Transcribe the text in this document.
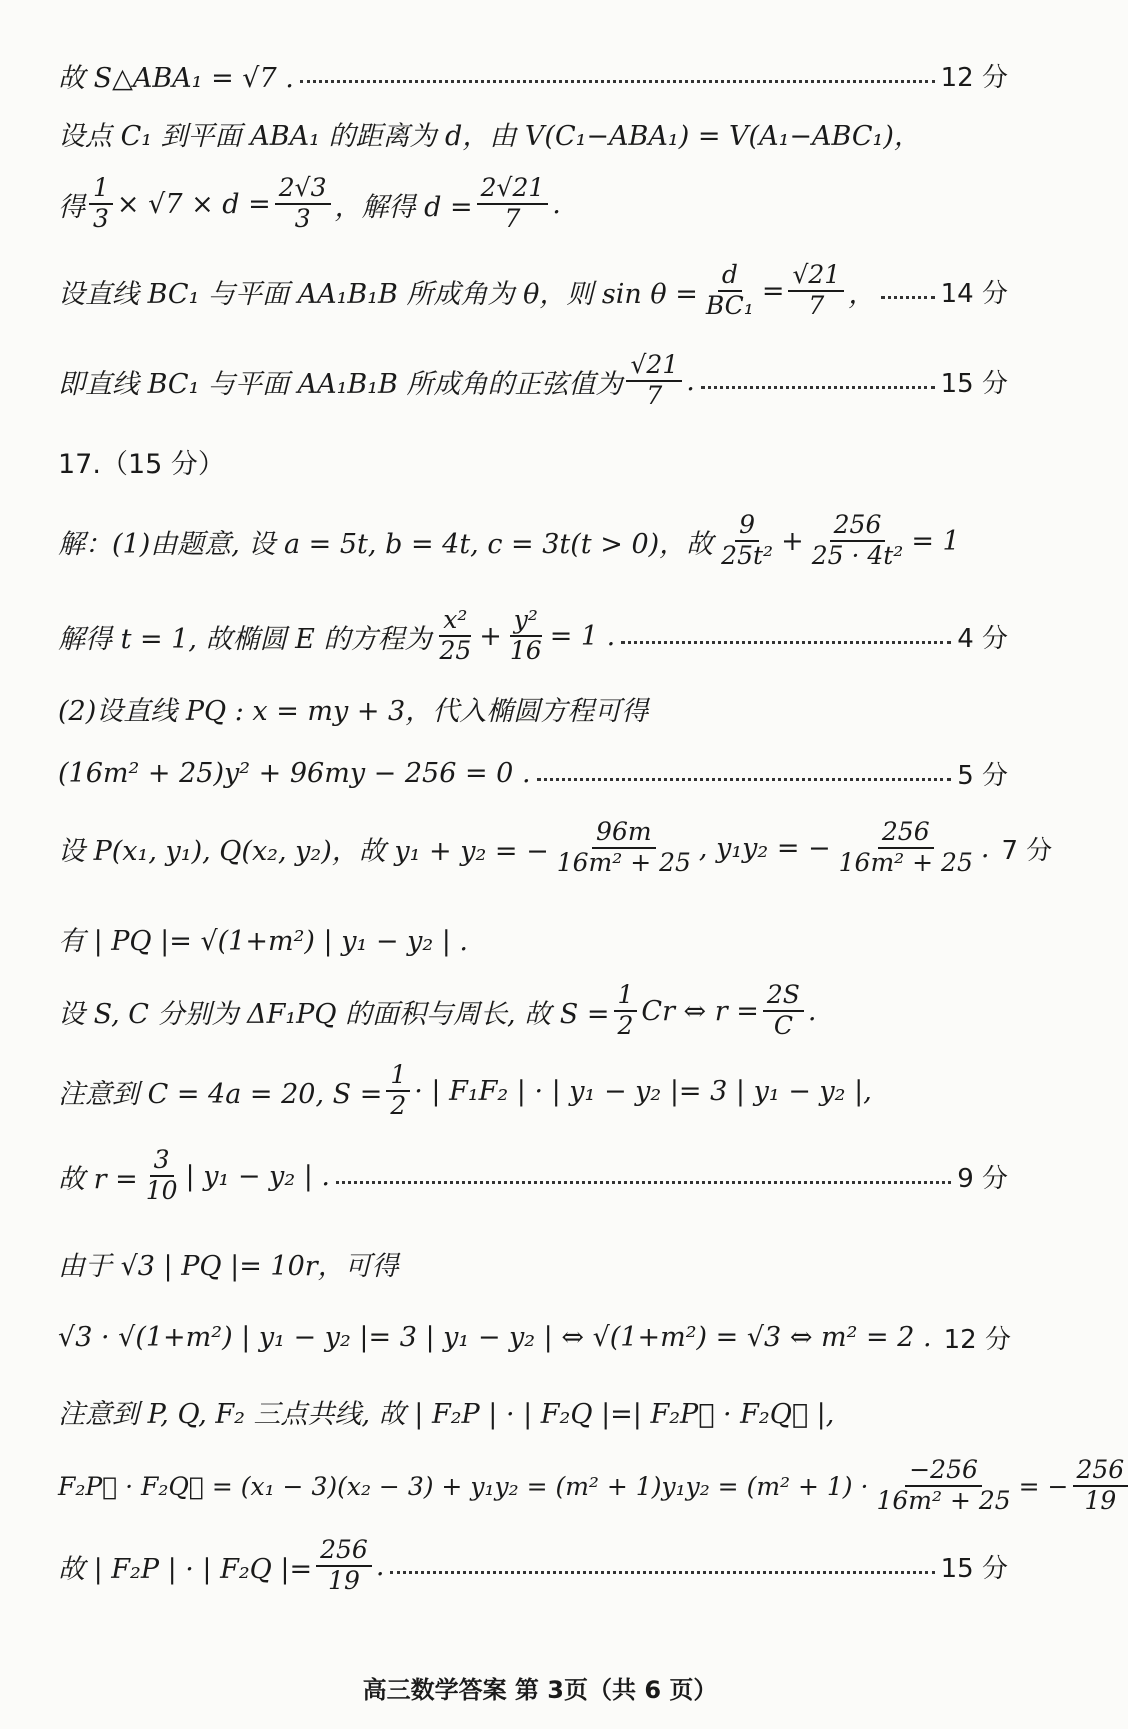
故 S△ABA₁ = √7 .	12 分
设点 C₁ 到平面 ABA₁ 的距离为 d，由 V(C₁−ABA₁) = V(A₁−ABC₁)，
得 $\frac{1}{3} \times √7 \times d = \frac{2√3}{3}$ ，解得 $d = \frac{2√21}{7}$ .
设直线 BC₁ 与平面 AA₁B₁B 所成角为 θ，则 $\sin \theta = \frac{d}{\text{BC₁}} = \frac{√21}{7}$ ，	14 分
即直线 BC₁ 与平面 AA₁B₁B 所成角的正弦值为 $\frac{√21}{7}$ .	15 分
17.（15 分）
解：(1)由题意, 设 a = 5t, b = 4t, c = 3t(t > 0)，故 $\frac{9}{\text{25t²}} + \frac{256}{\text{25 · 4t²}} = 1$
解得 t = 1, 故椭圆 E 的方程为 $\frac{\text{x²}}{25} + \frac{\text{y²}}{16} = 1$ .	4 分
(2)设直线 PQ : x = my + 3，代入椭圆方程可得
(16m² + 25)y² + 96my − 256 = 0 .	5 分
设 P(x₁, y₁), Q(x₂, y₂)，故 y₁ + y₂ = − $\frac{96m}{\text{16m² + 25}}$ , y₁y₂ = − $\frac{256}{\text{16m² + 25}}$ . 7 分
有 | PQ |= √(1+m²) | y₁ − y₂ | .
设 S, C 分别为 ΔF₁PQ 的面积与周长, 故 $S = \frac{1}{2}$ Cr ⇔ $r = \frac{2S}{C}$ .
注意到 C = 4a = 20, $S = \frac{1}{2}$ · | F₁F₂ | · | y₁ − y₂ |= 3 | y₁ − y₂ |,
故 $r = \frac{3}{10}$ | y₁ − y₂ | .	9 分
由于 √3 | PQ |= 10r，可得
√3 · √(1+m²) | y₁ − y₂ |= 3 | y₁ − y₂ | ⇔ √(1+m²) = √3 ⇔ m² = 2 . 12 分
注意到 P, Q, F₂ 三点共线, 故 | F₂P | · | F₂Q |=| F₂P⃗ · F₂Q⃗ |,
F₂P⃗ · F₂Q⃗ = $(x_1 - 3)(x_2 - 3) + y_1y_2 = (m^2 + 1)y_1y_2 = (m^2 + 1) \cdot \frac{-256}{\text{16m² + 25}}$ = − $\frac{256}{19}$
故 | F₂P | · | F₂Q |= $\frac{256}{19}$ .	15 分
高三数学答案 第 3页（共 6 页）
